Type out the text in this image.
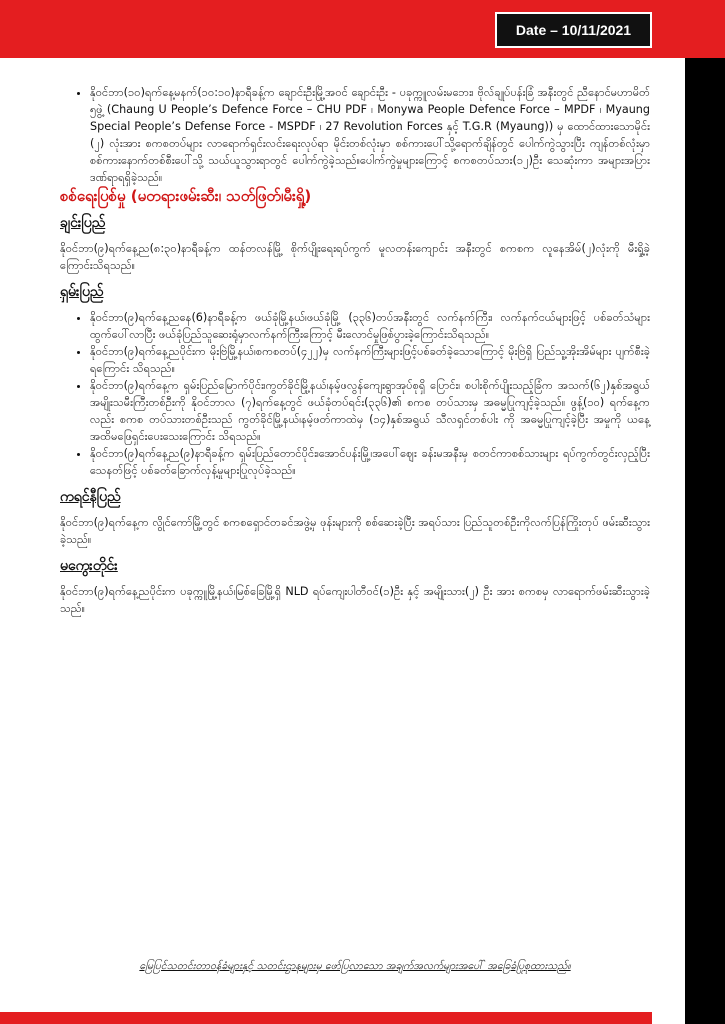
Date – 10/11/2021
• နိုဝင်ဘာ(၁၀)ရက်နေ့မနက်(၁၀:၁၀)နာရီခန့်က ချောင်းဦးမြို့အဝင် ချောင်းဦး - ပခုက္ကူလမ်းမဘေး၊ ဗိုလ်ချုပ်ပန်းခြံ အနီးတွင် ညီနောင်မဟာမိတ် ၅ဖွဲ့ (Chaung U People’s Defence Force – CHU PDF ၊ Monywa People Defence Force – MPDF ၊ Myaung Special People’s Defense Force - MSPDF ၊ 27 Revolution Forces နှင့် T.G.R (Myaung)) မှ ထောင်ထားသောမိုင်း (၂) လုံးအား စကစတပ်များ လာရောက်ရှင်းလင်းရေးလုပ်ရာ မိုင်းတစ်လုံးမှာ စစ်ကားပေါ်သို့ရောက်ချိန်တွင် ပေါက်ကွဲသွားပြီး ကျန်တစ်လုံးမှာ စစ်ကားနောက်တစ်စီးပေါ်သို့ သယ်ယူသွားရာတွင် ပေါက်ကွဲခဲ့သည်။ပေါက်ကွဲမှုများကြောင့် စကစတပ်သား(၁၂)ဦး သေဆုံးကာ အများအပြား ဒဏ်ရာရရှိခဲ့သည်။
စစ်ရေးပြစ်မှု (မတရားဖမ်းဆီး၊ သတ်ဖြတ်၊မီးရှို့)
ချင်းပြည်

နိုဝင်ဘာ(၉)ရက်နေ့ည(၈:၃၀)နာရီခန့်က ထန်တလန်မြို့ စိုက်ပျိုးရေးရပ်ကွက် မူလတန်းကျောင်း အနီးတွင် စကစက လူနေအိမ်(၂)လုံးကို မီးရှို့ခဲ့ကြောင်းသိရသည်။

ရှမ်းပြည်
• နိုဝင်ဘာ(၉)ရက်နေ့ညနေ(6)နာရီခန့်က ဖယ်ခုံမြို့နယ်၊ဖယ်ခုံမြို့ (၃၃၆)တပ်အနီးတွင် လက်နက်ကြီး၊ လက်နက်ငယ်များဖြင့် ပစ်ခတ်သံများထွက်ပေါ်လာပြီး ဖယ်ခုံပြည်သူဆေးရုံမှာလက်နက်ကြီးကြောင့် မီးလောင်မှုဖြစ်ပွားခဲ့ကြောင်းသိရသည်။
• နိုဝင်ဘာ(၉)ရက်နေ့ညပိုင်းက မိုးဗြဲမြို့နယ်၊စကစတပ်(၄၂၂)မှ လက်နက်ကြီးများဖြင့်ပစ်ခတ်ခဲ့သောကြောင့် မိုးဗြဲရှိ ပြည်သူ့အိုးအိမ်များ ပျက်စီးခဲ့ရကြောင်း သိရသည်။
• နိုဝင်ဘာ(၉)ရက်နေ့က ရှမ်းပြည်မြောက်ပိုင်း၊ကွတ်ခိုင်မြို့နယ်၊နမ့်ဖလွန်ကျေးရွာအုပ်စုရှိ ပြောင်း၊ စပါးစိုက်ပျိုးသည့်ခြံက အသက်(၆၂)နှစ်အရွယ် အမျိုးသမီးကြီးတစ်ဦးကို နိုဝင်ဘာလ (၇)ရက်နေ့တွင် ဖယ်ခုံတပ်ရင်း(၃၃၆)၏ စကစ တပ်သားမှ အဓမ္မပြုကျင့်ခဲ့သည်။ ဖွန့်(၁၀) ရက်နေ့က လည်း စကစ တပ်သားတစ်ဦးသည် ကွတ်ခိုင်မြို့နယ်၊နမ့်ဖတ်ကာထဲမှ (၁၄)နှစ်အရွယ် သီလရှင်တစ်ပါး ကို အဓမ္မပြုကျင့်ခဲ့ပြီး အမှုကို ယနေ့အထိမဖြေရှင်းပေးသေးကြောင်း သိရသည်။
• နိုဝင်ဘာ(၉)ရက်နေ့ည(၉)နာရီခန့်က ရှမ်းပြည်တောင်ပိုင်း၊အောင်ပန်းမြို့၊အပေါ်ဈေး ခန်းမအနီးမှ စတင်ကာစစ်သားများ ရပ်ကွက်တွင်းလှည့်ပြီး သေနတ်ဖြင့် ပစ်ခတ်ခြောက်လှန့်မှုများပြုလုပ်ခဲ့သည်။
ကရင်နီပြည်

နိုဝင်ဘာ(၉)ရက်နေ့က လွိုင်ကော်မြို့တွင် စကစရှောင်တခင်အဖွဲ့မှ ဖုန်းများကို စစ်ဆေးခဲ့ပြီး အရပ်သား ပြည်သူတစ်ဦးကိုလက်ပြန်ကြိုးတုပ် ဖမ်းဆီးသွားခဲ့သည်။

မကွေးတိုင်း

နိုဝင်ဘာ(၉)ရက်နေ့ညပိုင်းက ပခုက္ကူမြို့နယ်၊မြစ်ခြေမြို့ရှိ NLD ရပ်ကျေးပါတီဝင်(၁)ဦး နှင့် အမျိုးသား(၂) ဦး အား စကစမှ လာရောက်ဖမ်းဆီးသွားခဲ့သည်။

မြေပြင်သတင်းတာဝန်ခံများနှင့် သတင်းဌာနများမှ ဖော်ပြလာသော အချက်အလက်များအပေါ် အခြေခံပြုစုထားသည်။
